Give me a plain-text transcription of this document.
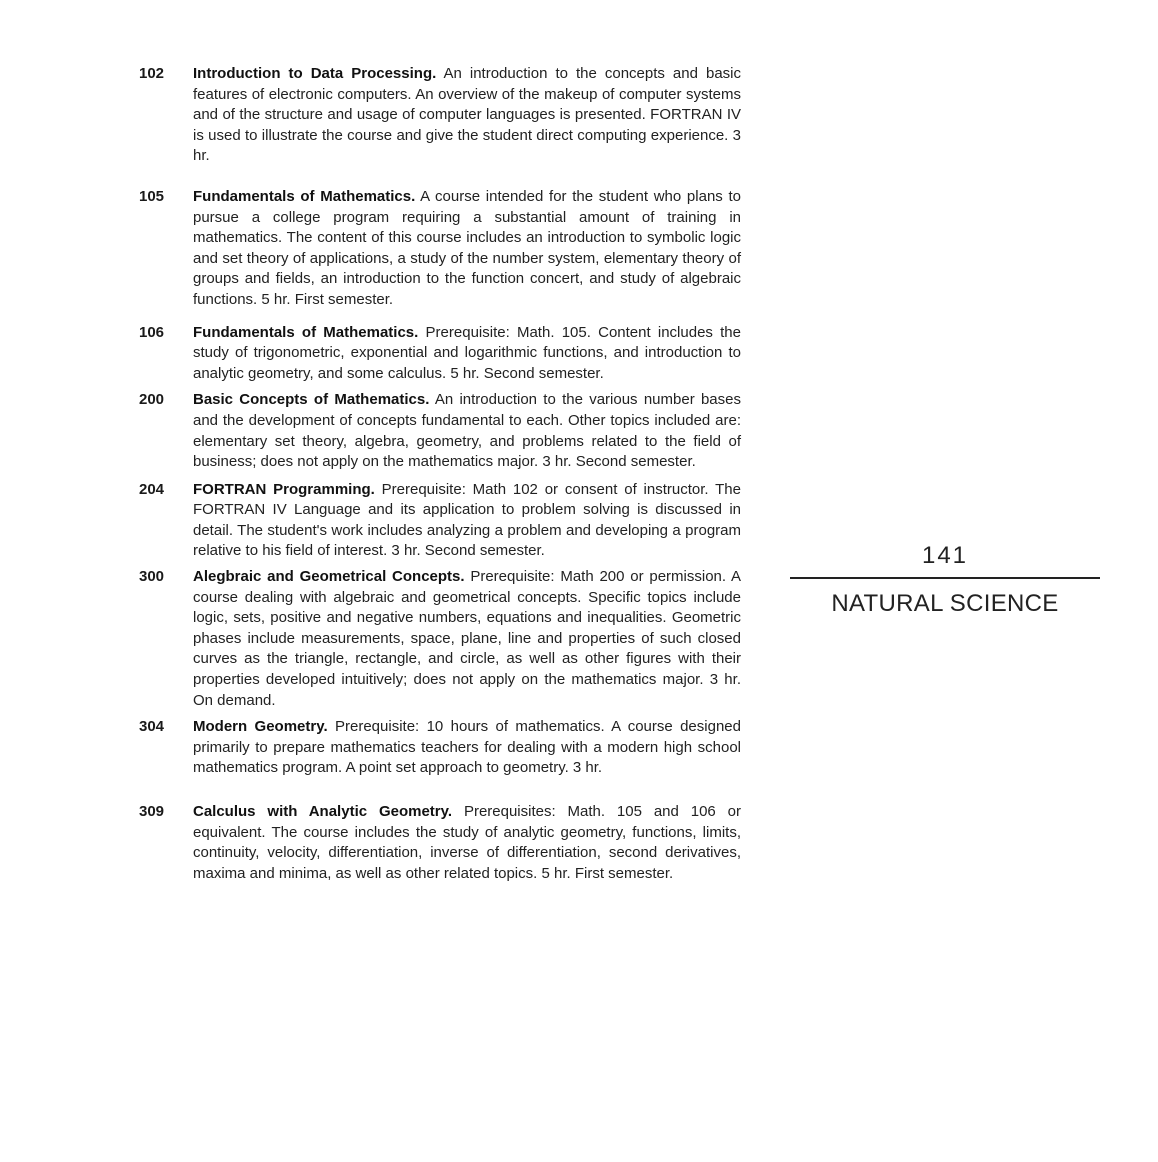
102 Introduction to Data Processing. An introduction to the concepts and basic features of electronic computers. An overview of the makeup of computer systems and of the structure and usage of computer languages is presented. FORTRAN IV is used to illustrate the course and give the student direct computing experience. 3 hr.
105 Fundamentals of Mathematics. A course intended for the student who plans to pursue a college program requiring a substantial amount of training in mathematics. The content of this course includes an introduction to symbolic logic and set theory of applications, a study of the number system, elementary theory of groups and fields, an introduction to the function concert, and study of algebraic functions. 5 hr. First semester.
106 Fundamentals of Mathematics. Prerequisite: Math. 105. Content includes the study of trigonometric, exponential and logarithmic functions, and introduction to analytic geometry, and some calculus. 5 hr. Second semester.
200 Basic Concepts of Mathematics. An introduction to the various number bases and the development of concepts fundamental to each. Other topics included are: elementary set theory, algebra, geometry, and problems related to the field of business; does not apply on the mathematics major. 3 hr. Second semester.
204 FORTRAN Programming. Prerequisite: Math 102 or consent of instructor. The FORTRAN IV Language and its application to problem solving is discussed in detail. The student's work includes analyzing a problem and developing a program relative to his field of interest. 3 hr. Second semester.
300 Alegbraic and Geometrical Concepts. Prerequisite: Math 200 or permission. A course dealing with algebraic and geometrical concepts. Specific topics include logic, sets, positive and negative numbers, equations and inequalities. Geometric phases include measurements, space, plane, line and properties of such closed curves as the triangle, rectangle, and circle, as well as other figures with their properties developed intuitively; does not apply on the mathematics major. 3 hr. On demand.
304 Modern Geometry. Prerequisite: 10 hours of mathematics. A course designed primarily to prepare mathematics teachers for dealing with a modern high school mathematics program. A point set approach to geometry. 3 hr.
309 Calculus with Analytic Geometry. Prerequisites: Math. 105 and 106 or equivalent. The course includes the study of analytic geometry, functions, limits, continuity, velocity, differentiation, inverse of differentiation, second derivatives, maxima and minima, as well as other related topics. 5 hr. First semester.
141
NATURAL SCIENCE
